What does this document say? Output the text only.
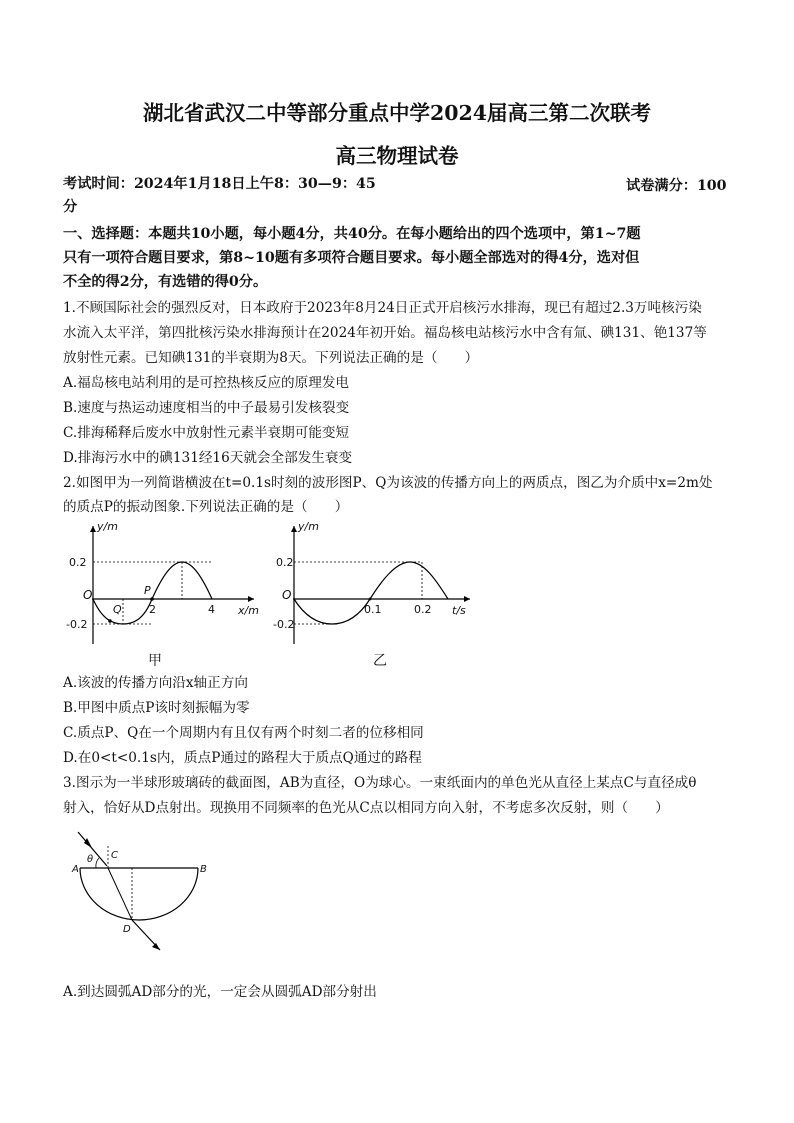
湖北省武汉二中等部分重点中学2024届高三第二次联考
高三物理试卷
考试时间：2024年1月18日上午8：30—9：45	试卷满分：100
分
一、选择题：本题共10小题，每小题4分，共40分。在每小题给出的四个选项中，第1~7题
只有一项符合题目要求，第8~10题有多项符合题目要求。每小题全部选对的得4分，选对但
不全的得2分，有选错的得0分。
1.不顾国际社会的强烈反对，日本政府于2023年8月24日正式开启核污水排海，现已有超过2.3万吨核污染
水流入太平洋，第四批核污染水排海预计在2024年初开始。福岛核电站核污水中含有氚、碘131、铯137等
放射性元素。已知碘131的半衰期为8天。下列说法正确的是（　　）
A.福岛核电站利用的是可控热核反应的原理发电
B.速度与热运动速度相当的中子最易引发核裂变
C.排海稀释后废水中放射性元素半衰期可能变短
D.排海污水中的碘131经16天就会全部发生衰变
2.如图甲为一列简谐横波在t=0.1s时刻的波形图P、Q为该波的传播方向上的两质点，图乙为介质中x=2m处
的质点P的振动图象.下列说法正确的是（　　）
y/m
x/m
O
0.2
-0.2
2	4
P
Q
甲
y/m
t/s
O
0.2
-0.2
0.1	0.2
乙
A.该波的传播方向沿x轴正方向
B.甲图中质点P该时刻振幅为零
C.质点P、Q在一个周期内有且仅有两个时刻二者的位移相同
D.在0<t<0.1s内，质点P通过的路程大于质点Q通过的路程
3.图示为一半球形玻璃砖的截面图，AB为直径，O为球心。一束纸面内的单色光从直径上某点C与直径成θ
射入，恰好从D点射出。现换用不同频率的色光从C点以相同方向入射，不考虑多次反射，则（　　）
A	B
C
D
θ
A.到达圆弧AD部分的光，一定会从圆弧AD部分射出
